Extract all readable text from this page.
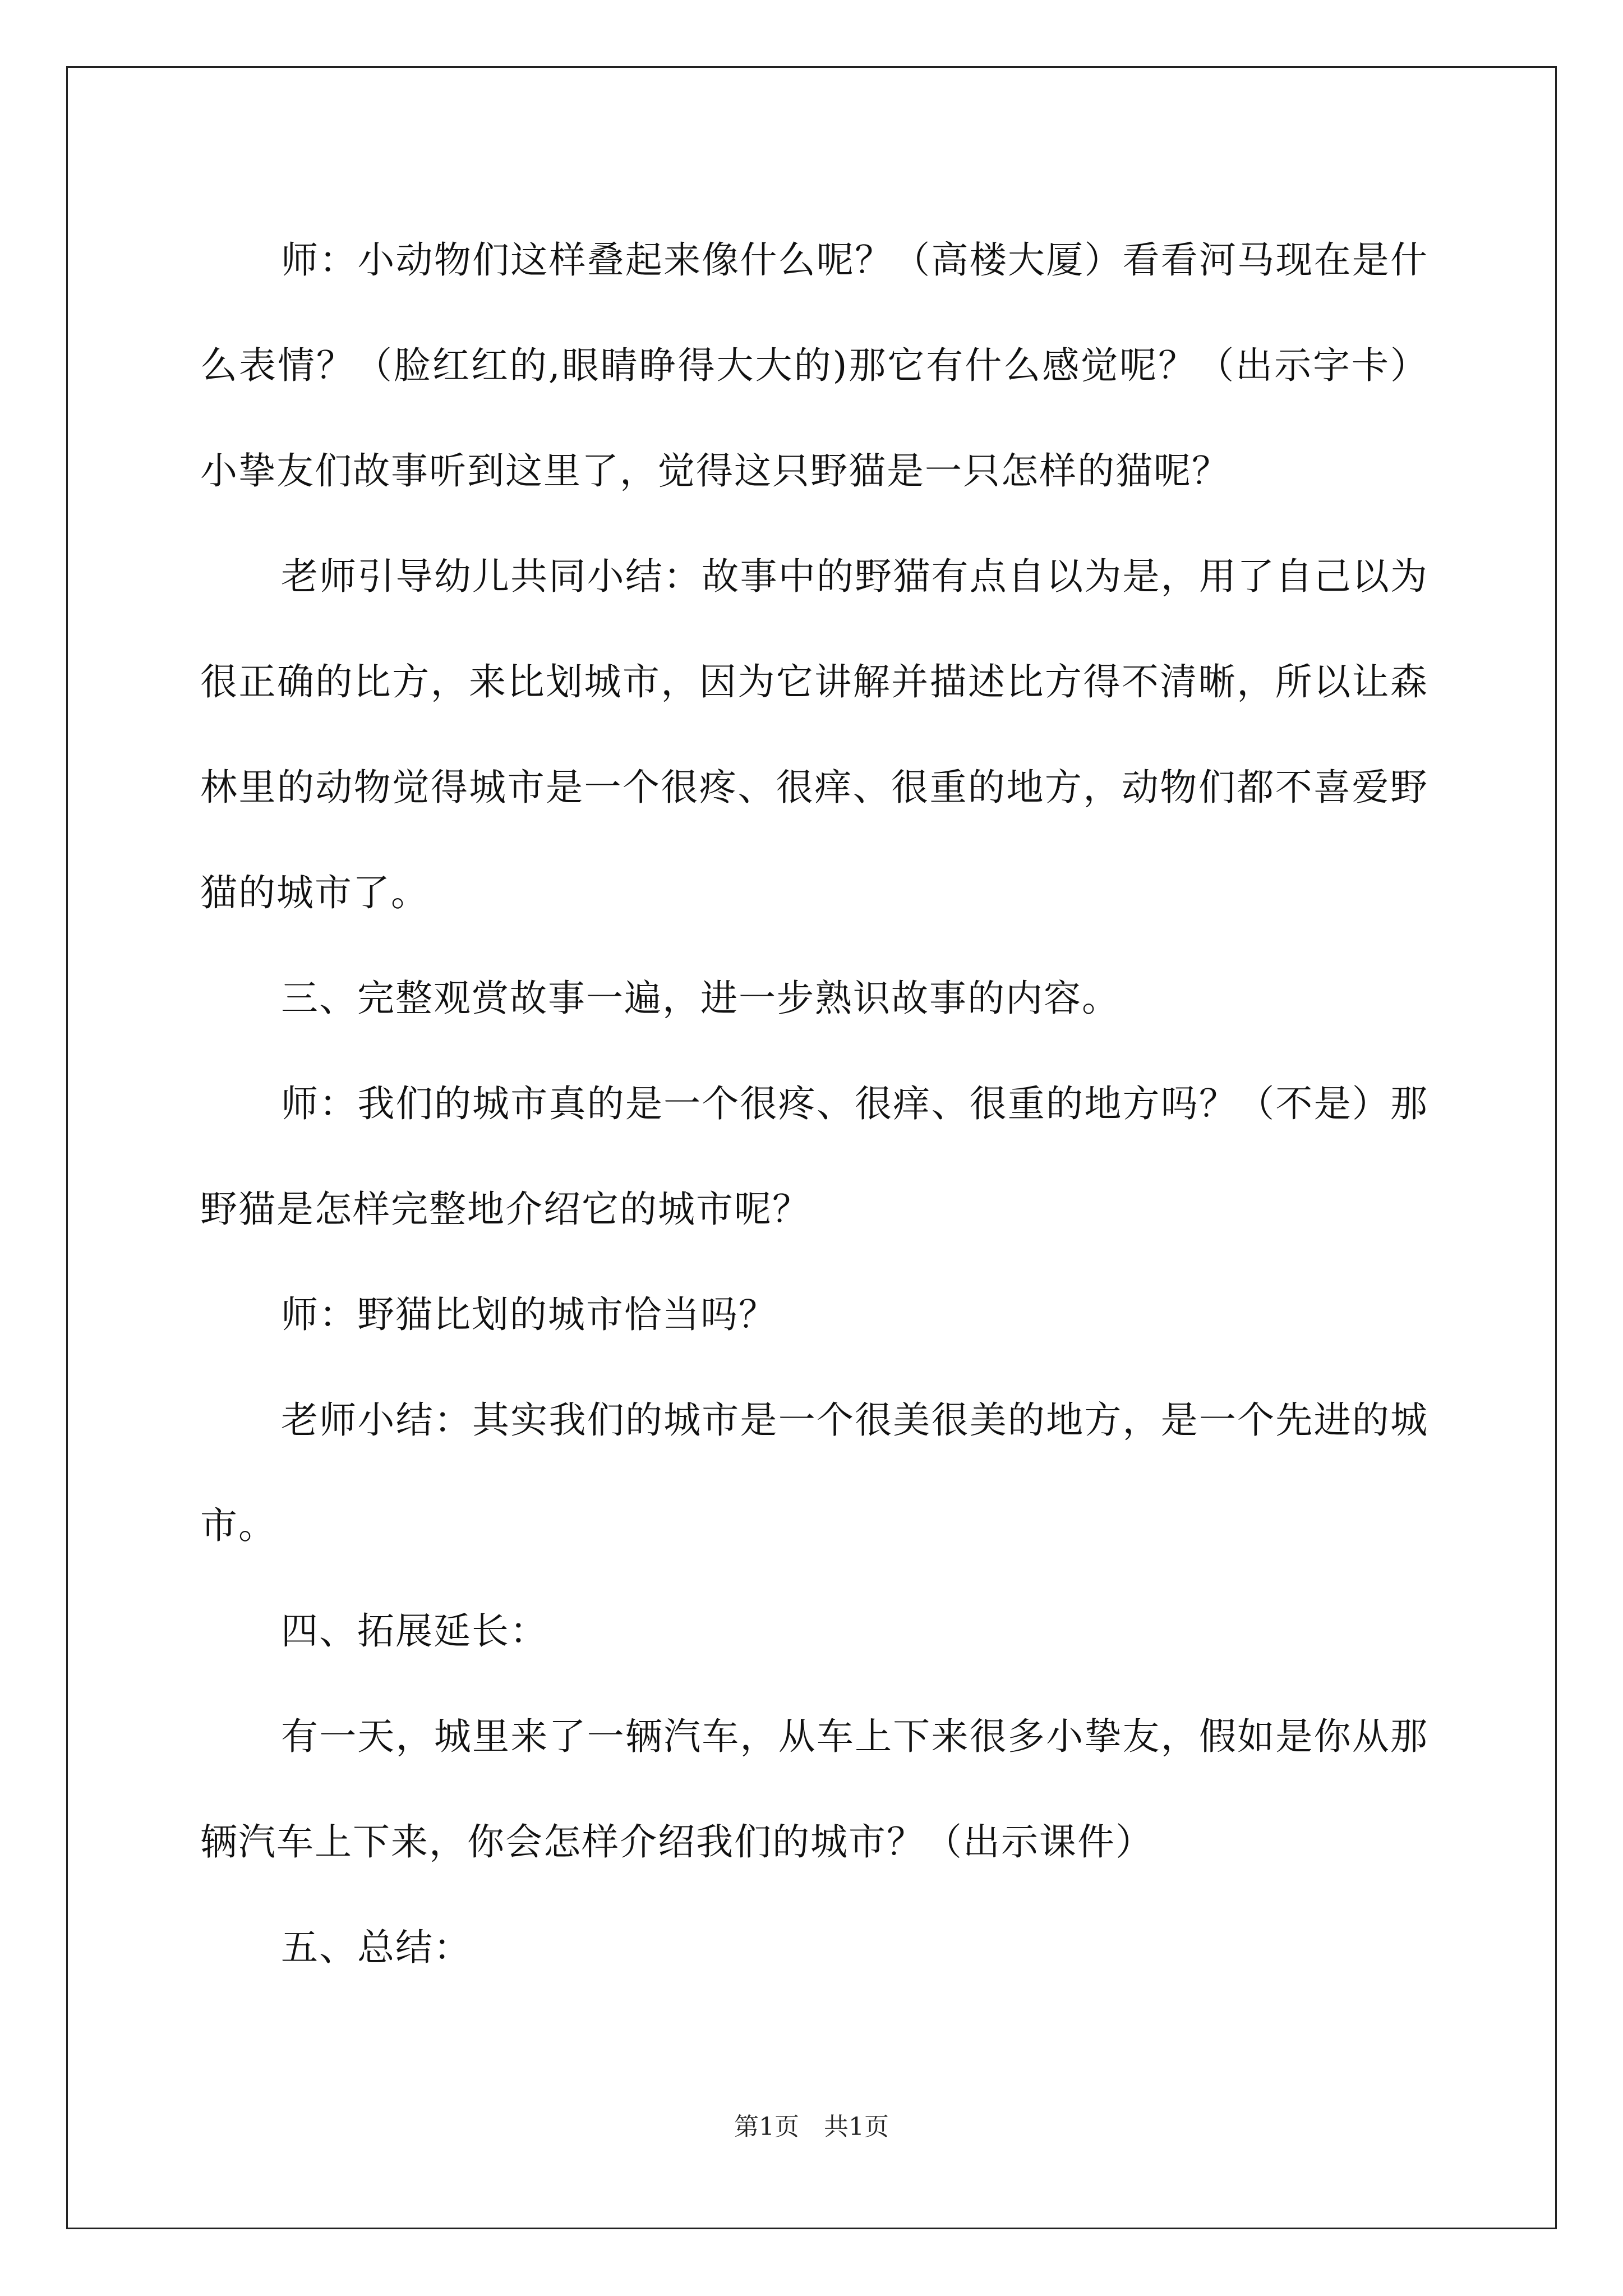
师：小动物们这样叠起来像什么呢？（高楼大厦）看看河马现在是什么表情？（脸红红的,眼睛睁得大大的)那它有什么感觉呢？（出示字卡）小挚友们故事听到这里了，觉得这只野猫是一只怎样的猫呢？

老师引导幼儿共同小结：故事中的野猫有点自以为是，用了自己以为很正确的比方，来比划城市，因为它讲解并描述比方得不清晰，所以让森林里的动物觉得城市是一个很疼、很痒、很重的地方，动物们都不喜爱野猫的城市了。

三、完整观赏故事一遍，进一步熟识故事的内容。

师：我们的城市真的是一个很疼、很痒、很重的地方吗？（不是）那野猫是怎样完整地介绍它的城市呢？

师：野猫比划的城市恰当吗？

老师小结：其实我们的城市是一个很美很美的地方，是一个先进的城市。

四、拓展延长：

有一天，城里来了一辆汽车，从车上下来很多小挚友，假如是你从那辆汽车上下来，你会怎样介绍我们的城市？（出示课件）

五、总结：

第1页　共1页
